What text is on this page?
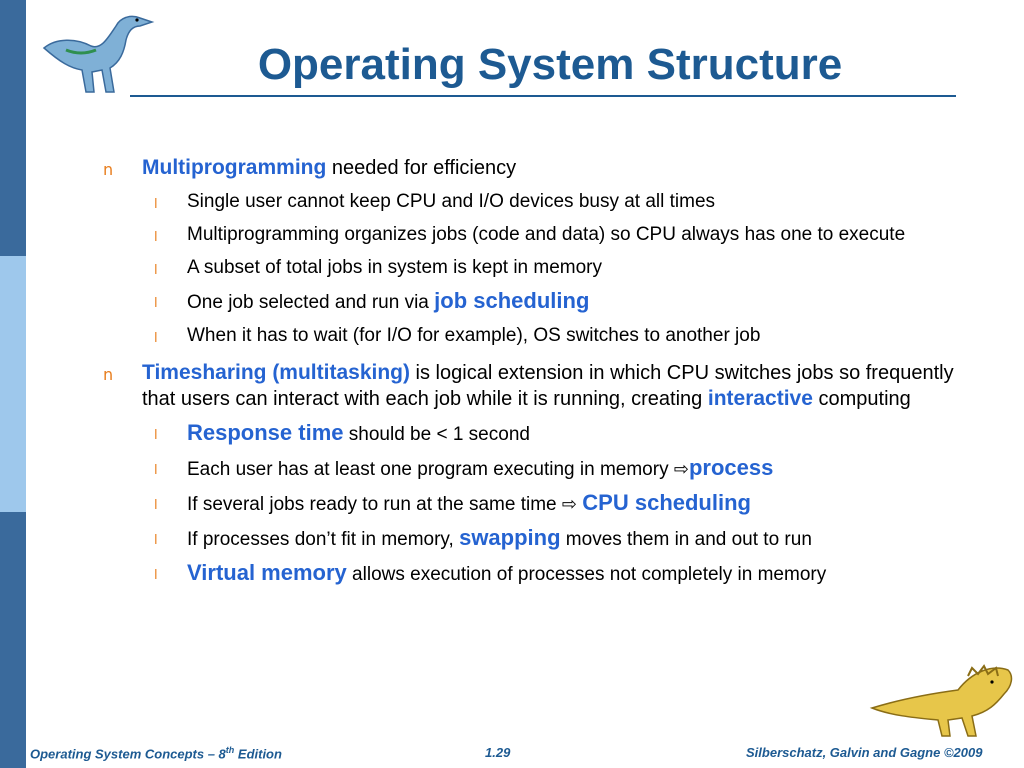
Operating System Structure
n Multiprogramming needed for efficiency
l Single user cannot keep CPU and I/O devices busy at all times
l Multiprogramming organizes jobs (code and data) so CPU always has one to execute
l A subset of total jobs in system is kept in memory
l One job selected and run via job scheduling
l When it has to wait (for I/O for example), OS switches to another job
n Timesharing (multitasking) is logical extension in which CPU switches jobs so frequently that users can interact with each job while it is running, creating interactive computing
l Response time should be < 1 second
l Each user has at least one program executing in memory ⇨process
l If several jobs ready to run at the same time ⇨ CPU scheduling
l If processes don’t fit in memory, swapping moves them in and out to run
l Virtual memory allows execution of processes not completely in memory
Operating System Concepts – 8th Edition	1.29	Silberschatz, Galvin and Gagne ©2009
